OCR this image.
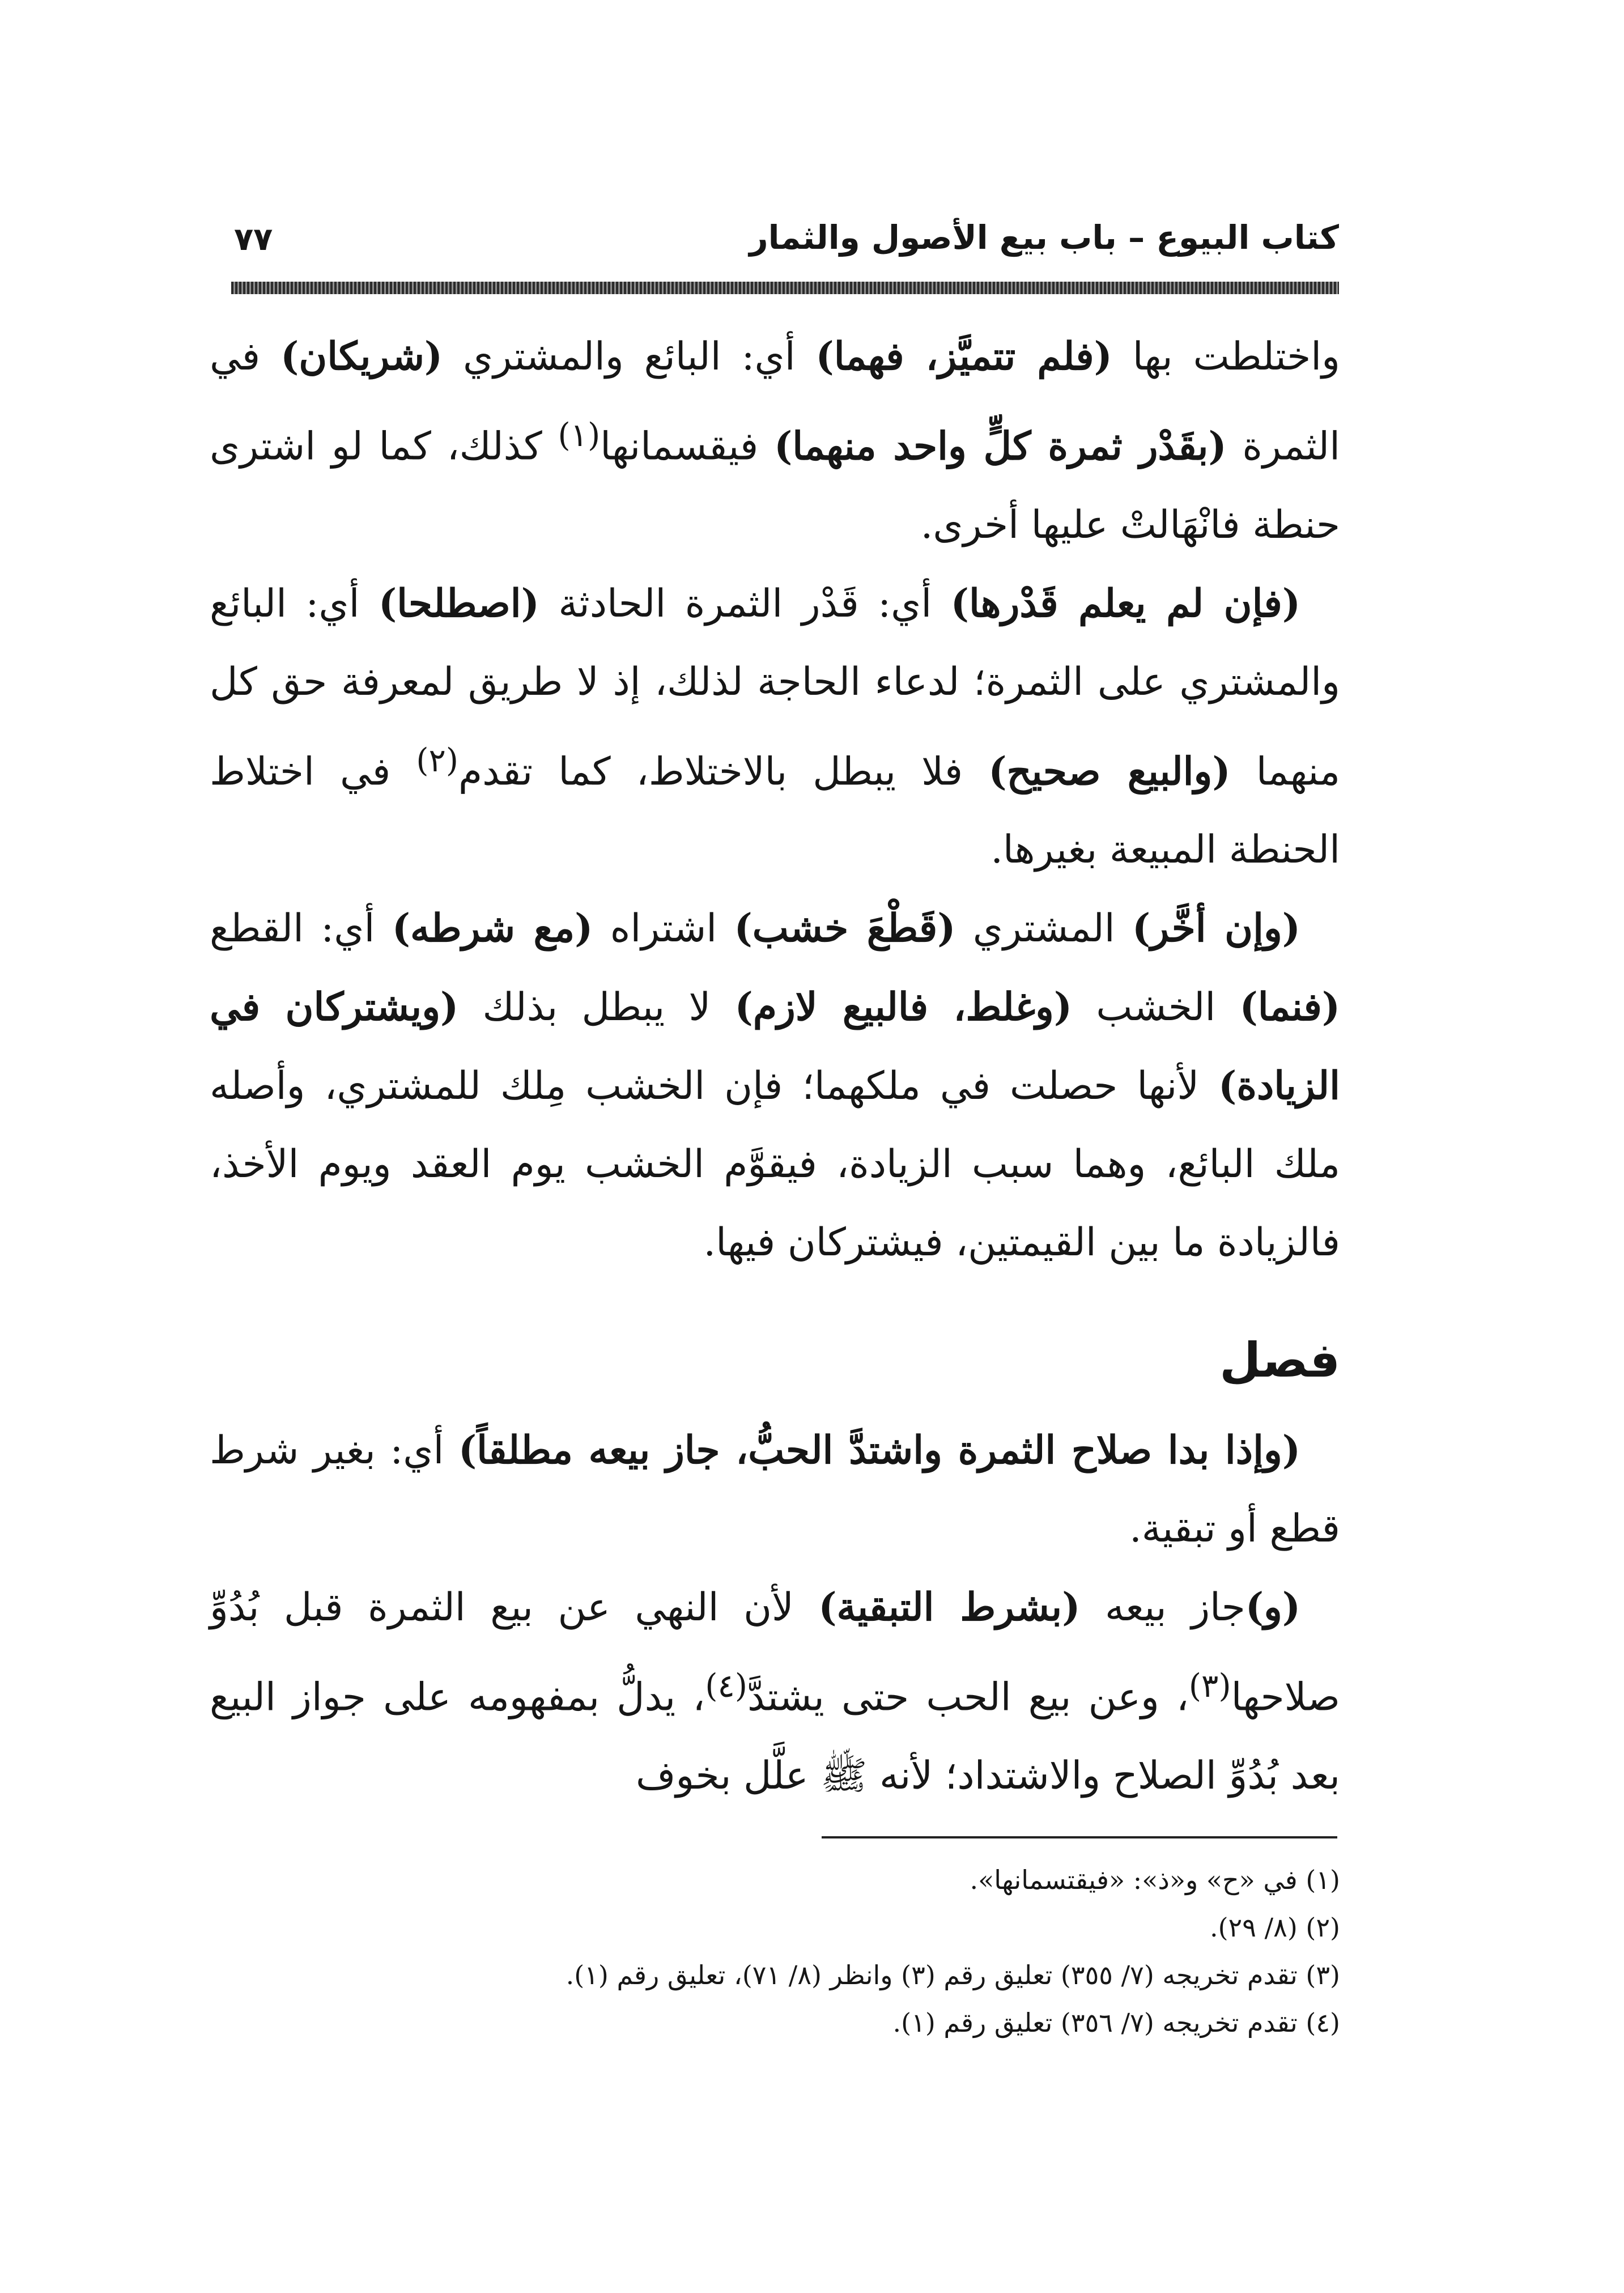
كتاب البيوع – باب بيع الأصول والثمار
٧٧

واختلطت بها (فلم تتميَّز، فهما) أي: البائع والمشتري (شريكان) في الثمرة (بقَدْر ثمرة كلٍّ واحد منهما) فيقسمانها$^{(١)}$ كذلك، كما لو اشترى حنطة فانْهَالتْ عليها أخرى.

(فإن لم يعلم قَدْرها) أي: قَدْر الثمرة الحادثة (اصطلحا) أي: البائع والمشتري على الثمرة؛ لدعاء الحاجة لذلك، إذ لا طريق لمعرفة حق كل منهما (والبيع صحيح) فلا يبطل بالاختلاط، كما تقدم$^{(٢)}$ في اختلاط الحنطة المبيعة بغيرها.

(وإن أخَّر) المشتري (قَطْعَ خشب) اشتراه (مع شرطه) أي: القطع (فنما) الخشب (وغلط، فالبيع لازم) لا يبطل بذلك (ويشتركان في الزيادة) لأنها حصلت في ملكهما؛ فإن الخشب مِلك للمشتري، وأصله ملك البائع، وهما سبب الزيادة، فيقوَّم الخشب يوم العقد ويوم الأخذ، فالزيادة ما بين القيمتين، فيشتركان فيها.

فصل

(وإذا بدا صلاح الثمرة واشتدَّ الحبُّ، جاز بيعه مطلقاً) أي: بغير شرط قطع أو تبقية.

(و)جاز بيعه (بشرط التبقية) لأن النهي عن بيع الثمرة قبل بُدُوِّ صلاحها$^{(٣)}$، وعن بيع الحب حتى يشتدَّ$^{(٤)}$، يدلُّ بمفهومه على جواز البيع بعد بُدُوِّ الصلاح والاشتداد؛ لأنه ﷺ علَّل بخوف

(١) في «ح» و«ذ»: «فيقتسمانها».

(٢) (٨/ ٢٩).

(٣) تقدم تخريجه (٧/ ٣٥٥) تعليق رقم (٣) وانظر (٨/ ٧١)، تعليق رقم (١).

(٤) تقدم تخريجه (٧/ ٣٥٦) تعليق رقم (١).
